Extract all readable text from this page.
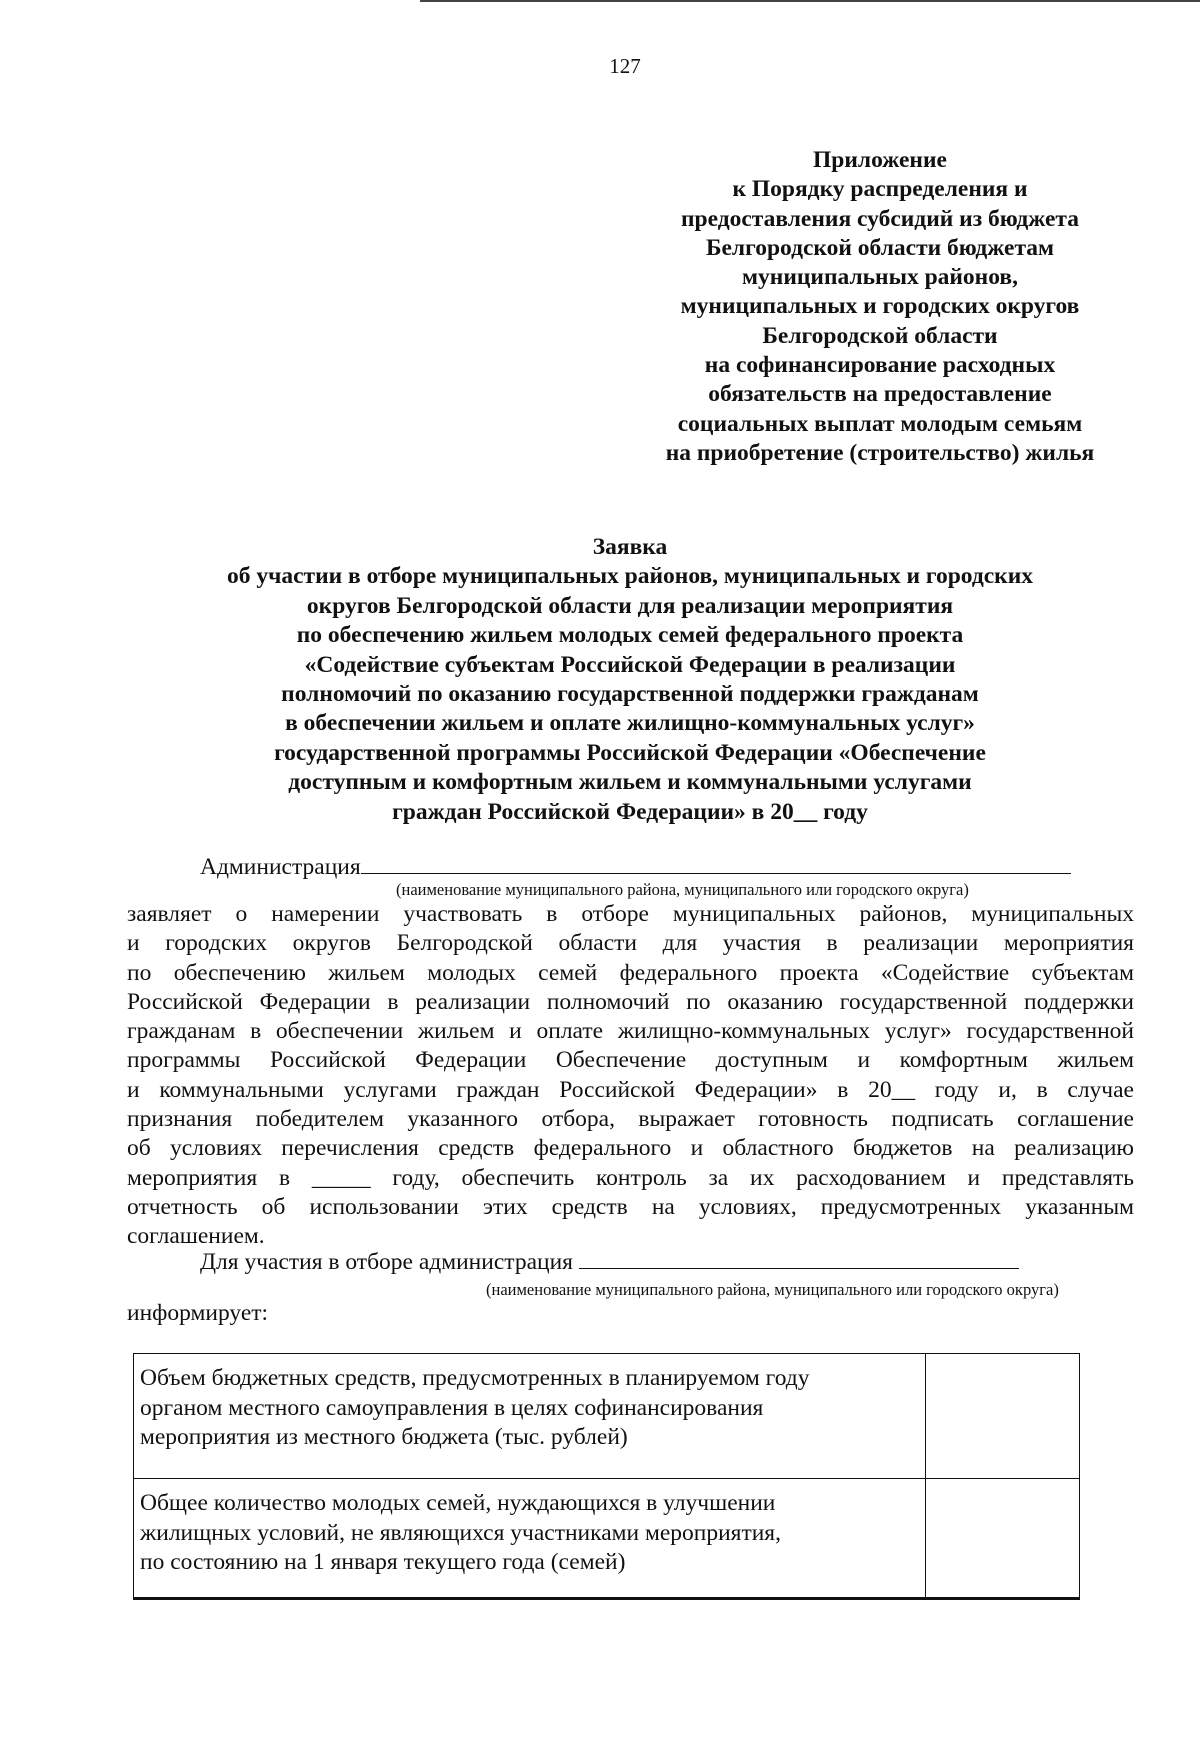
127
Приложение
к Порядку распределения и
предоставления субсидий из бюджета
Белгородской области бюджетам
муниципальных районов,
муниципальных и городских округов
Белгородской области
на софинансирование расходных
обязательств на предоставление
социальных выплат молодым семьям
на приобретение (строительство) жилья
Заявка
об участии в отборе муниципальных районов, муниципальных и городских
округов Белгородской области для реализации мероприятия
по обеспечению жильем молодых семей федерального проекта
«Содействие субъектам Российской Федерации в реализации
полномочий по оказанию государственной поддержки гражданам
в обеспечении жильем и оплате жилищно-коммунальных услуг»
государственной программы Российской Федерации «Обеспечение
доступным и комфортным жильем и коммунальными услугами
граждан Российской Федерации» в 20__ году
Администрация
(наименование муниципального района, муниципального или городского округа)
заявляет о намерении участвовать в отборе муниципальных районов, муниципальных
и городских округов Белгородской области для участия в реализации мероприятия
по обеспечению жильем молодых семей федерального проекта «Содействие субъектам
Российской Федерации в реализации полномочий по оказанию государственной поддержки
гражданам в обеспечении жильем и оплате жилищно-коммунальных услуг» государственной
программы Российской Федерации Обеспечение доступным и комфортным жильем
и коммунальными услугами граждан Российской Федерации» в 20__ году и, в случае
признания победителем указанного отбора, выражает готовность подписать соглашение
об условиях перечисления средств федерального и областного бюджетов на реализацию
мероприятия в _____ году, обеспечить контроль за их расходованием и представлять
отчетность об использовании этих средств на условиях, предусмотренных указанным
соглашением.
Для участия в отборе администрация
(наименование муниципального района, муниципального или городского округа)
информирует:
Объем бюджетных средств, предусмотренных в планируемом году
органом местного самоуправления в целях софинансирования
мероприятия из местного бюджета (тыс. рублей)	

Общее количество молодых семей, нуждающихся в улучшении
жилищных условий, не являющихся участниками мероприятия,
по состоянию на 1 января текущего года (семей)	
